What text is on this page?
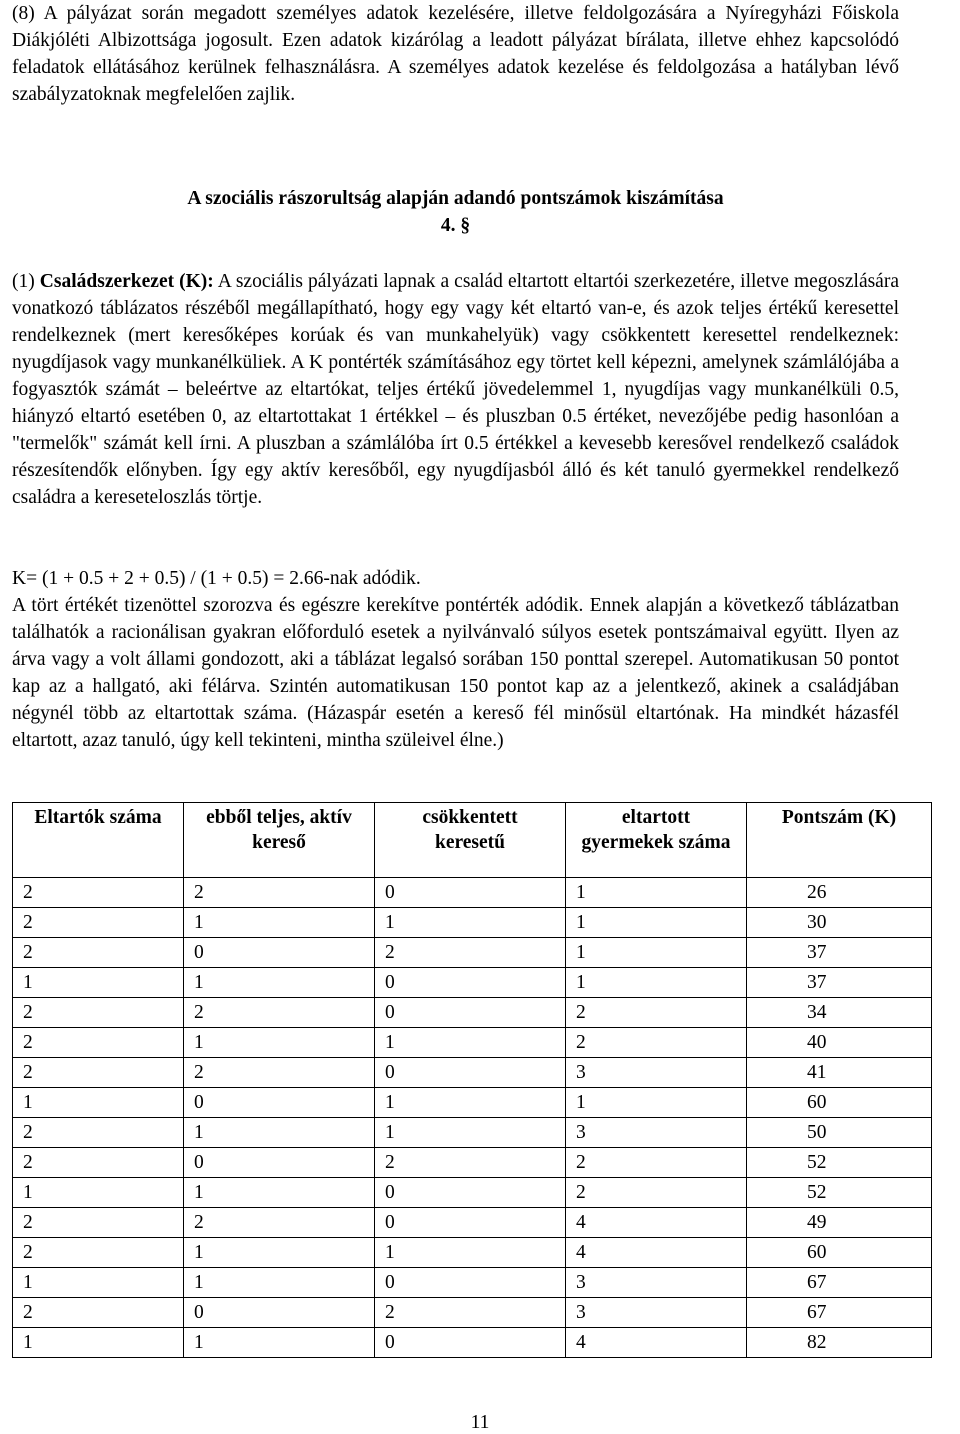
(8) A pályázat során megadott személyes adatok kezelésére, illetve feldolgozására a Nyíregyházi Főiskola Diákjóléti Albizottsága jogosult. Ezen adatok kizárólag a leadott pályázat bírálata, illetve ehhez kapcsolódó feladatok ellátásához kerülnek felhasználásra. A személyes adatok kezelése és feldolgozása a hatályban lévő szabályzatoknak megfelelően zajlik.

A szociális rászorultság alapján adandó pontszámok kiszámítása

4. §

(1) Családszerkezet (K): A szociális pályázati lapnak a család eltartott eltartói szerkezetére, illetve megoszlására vonatkozó táblázatos részéből megállapítható, hogy egy vagy két eltartó van-e, és azok teljes értékű keresettel rendelkeznek (mert keresőképes korúak és van munkahelyük) vagy csökkentett keresettel rendelkeznek: nyugdíjasok vagy munkanélküliek. A K pontérték számításához egy törtet kell képezni, amelynek számlálójába a fogyasztók számát – beleértve az eltartókat, teljes értékű jövedelemmel 1, nyugdíjas vagy munkanélküli 0.5, hiányzó eltartó esetében 0, az eltartottakat 1 értékkel – és pluszban 0.5 értéket, nevezőjébe pedig hasonlóan a "termelők" számát kell írni. A pluszban a számlálóba írt 0.5 értékkel a kevesebb keresővel rendelkező családok részesítendők előnyben. Így egy aktív keresőből, egy nyugdíjasból álló és két tanuló gyermekkel rendelkező családra a kereseteloszlás törtje.

K= (1 + 0.5 + 2 + 0.5) / (1 + 0.5) = 2.66-nak adódik.

A tört értékét tizenöttel szorozva és egészre kerekítve pontérték adódik. Ennek alapján a következő táblázatban találhatók a racionálisan gyakran előforduló esetek a nyilvánvaló súlyos esetek pontszámaival együtt. Ilyen az árva vagy a volt állami gondozott, aki a táblázat legalsó sorában 150 ponttal szerepel. Automatikusan 50 pontot kap az a hallgató, aki félárva. Szintén automatikusan 150 pontot kap az a jelentkező, akinek a családjában négynél több az eltartottak száma. (Házaspár esetén a kereső fél minősül eltartónak. Ha mindkét házasfél eltartott, azaz tanuló, úgy kell tekinteni, mintha szüleivel élne.)

Eltartók száma	ebből teljes, aktív kereső	csökkentett keresetű	eltartott gyermekek száma	Pontszám (K)
2	2	0	1	26
2	1	1	1	30
2	0	2	1	37
1	1	0	1	37
2	2	0	2	34
2	1	1	2	40
2	2	0	3	41
1	0	1	1	60
2	1	1	3	50
2	0	2	2	52
1	1	0	2	52
2	2	0	4	49
2	1	1	4	60
1	1	0	3	67
2	0	2	3	67
1	1	0	4	82

11
